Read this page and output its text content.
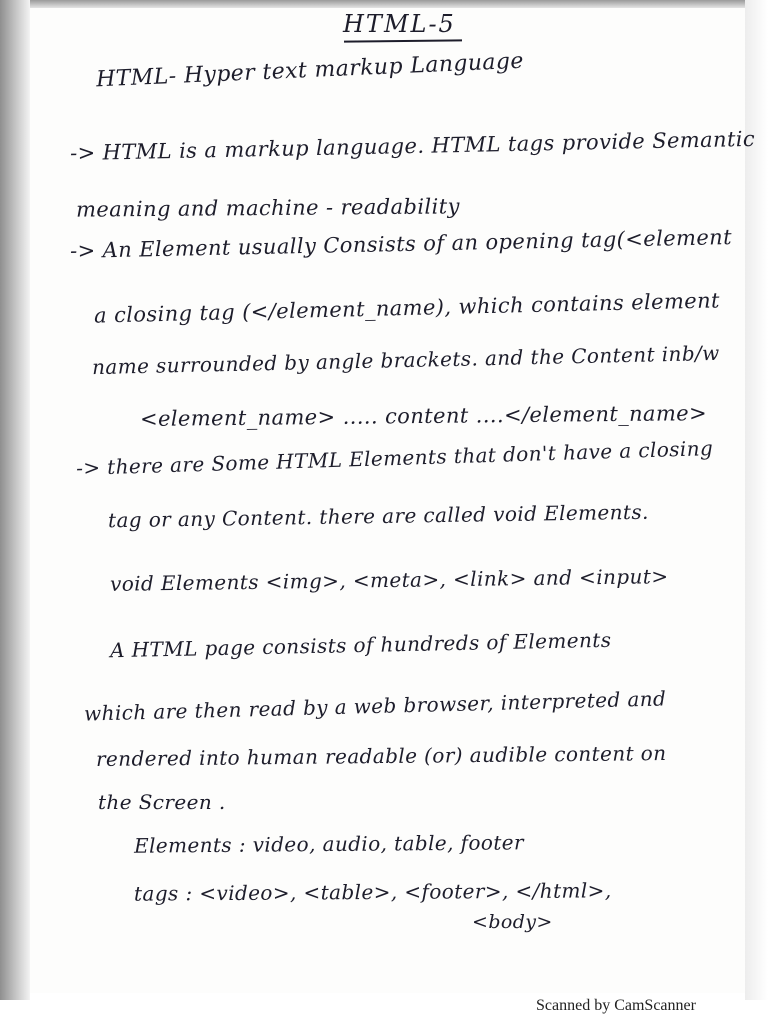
HTML-5
HTML- Hyper text markup Language
-> HTML is a markup language. HTML tags provide Semantic
meaning and machine - readability
-> An Element usually Consists of an opening tag(<element
a closing tag (</element_name), which contains element
name surrounded by angle brackets. and the Content inb/w
<element_name> ..... content ....</element_name>
-> there are Some HTML Elements that don't have a closing
tag or any Content. there are called void Elements.
void Elements <img>, <meta>, <link> and <input>
A HTML page consists of hundreds of Elements
which are then read by a web browser, interpreted and
rendered into human readable (or) audible content on
the Screen .
Elements : video, audio, table, footer
tags : <video>, <table>, <footer>, </html>,
<body>
Scanned by CamScanner
